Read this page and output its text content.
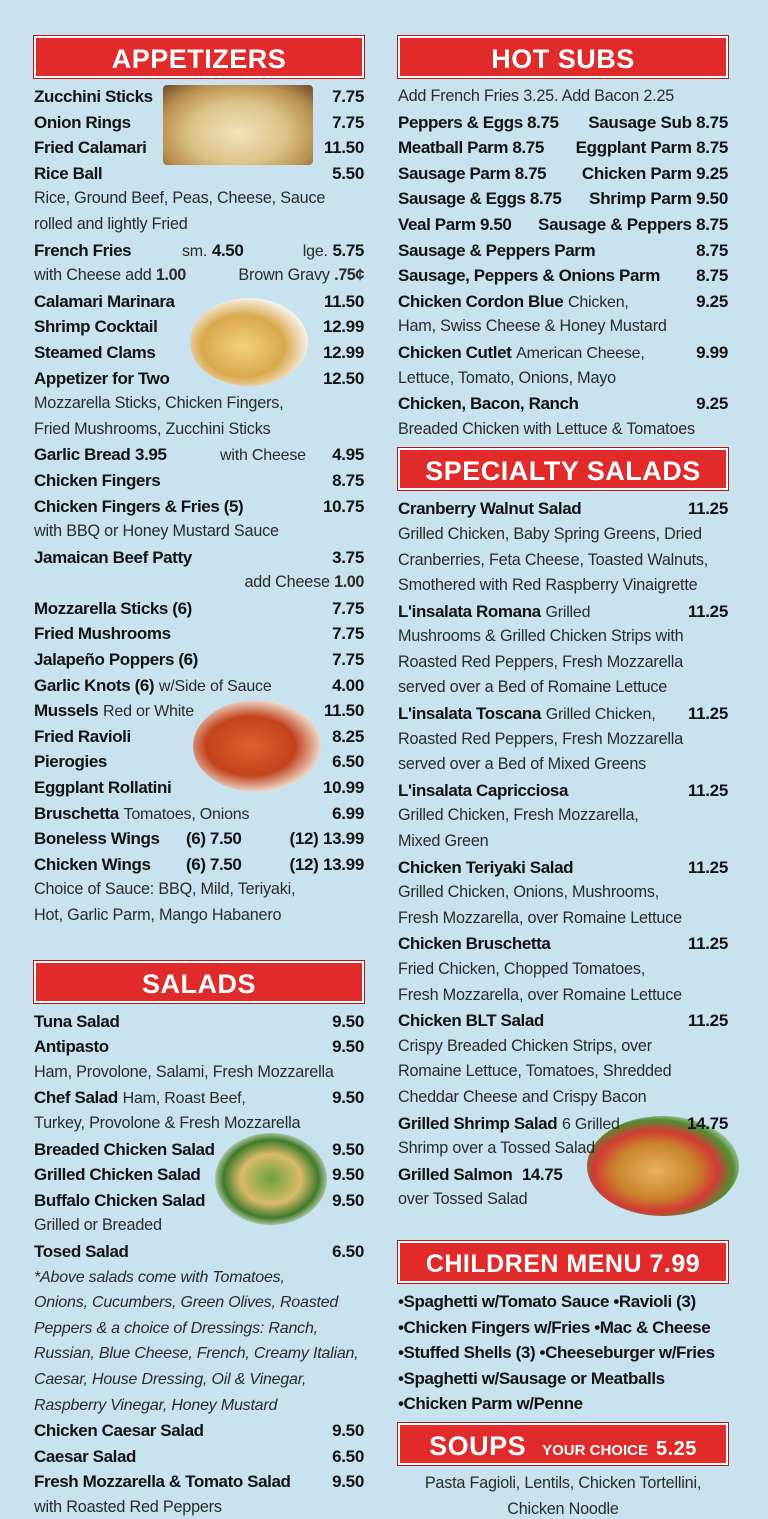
APPETIZERS
Zucchini Sticks	7.75
Onion Rings	7.75
Fried Calamari	11.50
Rice Ball	5.50
Rice, Ground Beef, Peas, Cheese, Sauce
rolled and lightly Fried
French Fries	sm. 4.50	lge. 5.75
with Cheese add 1.00	Brown Gravy .75¢
Calamari Marinara	11.50
Shrimp Cocktail	12.99
Steamed Clams	12.99
Appetizer for Two	12.50
Mozzarella Sticks, Chicken Fingers,
Fried Mushrooms, Zucchini Sticks
Garlic Bread 3.95	with Cheese 4.95
Chicken Fingers	8.75
Chicken Fingers & Fries (5)	10.75
with BBQ or Honey Mustard Sauce
Jamaican Beef Patty	3.75
add Cheese 1.00
Mozzarella Sticks (6)	7.75
Fried Mushrooms	7.75
Jalapeño Poppers (6)	7.75
Garlic Knots (6) w/Side of Sauce	4.00
Mussels Red or White	11.50
Fried Ravioli	8.25
Pierogies	6.50
Eggplant Rollatini	10.99
Bruschetta Tomatoes, Onions	6.99
Boneless Wings (6) 7.50	(12) 13.99
Chicken Wings (6) 7.50	(12) 13.99
Choice of Sauce: BBQ, Mild, Teriyaki,
Hot, Garlic Parm, Mango Habanero
SALADS
Tuna Salad	9.50
Antipasto	9.50
Ham, Provolone, Salami, Fresh Mozzarella
Chef Salad Ham, Roast Beef,	9.50
Turkey, Provolone & Fresh Mozzarella
Breaded Chicken Salad	9.50
Grilled Chicken Salad	9.50
Buffalo Chicken Salad	9.50
Grilled or Breaded
Tosed Salad	6.50
*Above salads come with Tomatoes,
Onions, Cucumbers, Green Olives, Roasted
Peppers & a choice of Dressings: Ranch,
Russian, Blue Cheese, French, Creamy Italian,
Caesar, House Dressing, Oil & Vinegar,
Raspberry Vinegar, Honey Mustard
Chicken Caesar Salad	9.50
Caesar Salad	6.50
Fresh Mozzarella & Tomato Salad 9.50
with Roasted Red Peppers
HOT SUBS
Add French Fries 3.25. Add Bacon 2.25
Peppers & Eggs 8.75 Sausage Sub 8.75
Meatball Parm 8.75 Eggplant Parm 8.75
Sausage Parm 8.75 Chicken Parm 9.25
Sausage & Eggs 8.75 Shrimp Parm 9.50
Veal Parm 9.50 Sausage & Peppers 8.75
Sausage & Peppers Parm	8.75
Sausage, Peppers & Onions Parm 8.75
Chicken Cordon Blue Chicken,	9.25
Ham, Swiss Cheese & Honey Mustard
Chicken Cutlet American Cheese,	9.99
Lettuce, Tomato, Onions, Mayo
Chicken, Bacon, Ranch	9.25
Breaded Chicken with Lettuce & Tomatoes
SPECIALTY SALADS
Cranberry Walnut Salad	11.25
Grilled Chicken, Baby Spring Greens, Dried
Cranberries, Feta Cheese, Toasted Walnuts,
Smothered with Red Raspberry Vinaigrette
L'insalata Romana Grilled	11.25
Mushrooms & Grilled Chicken Strips with
Roasted Red Peppers, Fresh Mozzarella
served over a Bed of Romaine Lettuce
L'insalata Toscana Grilled Chicken, 11.25
Roasted Red Peppers, Fresh Mozzarella
served over a Bed of Mixed Greens
L'insalata Capricciosa	11.25
Grilled Chicken, Fresh Mozzarella,
Mixed Green
Chicken Teriyaki Salad	11.25
Grilled Chicken, Onions, Mushrooms,
Fresh Mozzarella, over Romaine Lettuce
Chicken Bruschetta	11.25
Fried Chicken, Chopped Tomatoes,
Fresh Mozzarella, over Romaine Lettuce
Chicken BLT Salad	11.25
Crispy Breaded Chicken Strips, over
Romaine Lettuce, Tomatoes, Shredded
Cheddar Cheese and Crispy Bacon
Grilled Shrimp Salad 6 Grilled	14.75
Shrimp over a Tossed Salad
Grilled Salmon 14.75
over Tossed Salad
CHILDREN MENU 7.99
•Spaghetti w/Tomato Sauce •Ravioli (3)
•Chicken Fingers w/Fries •Mac & Cheese
•Stuffed Shells (3) •Cheeseburger w/Fries
•Spaghetti w/Sausage or Meatballs
•Chicken Parm w/Penne
SOUPS YOUR CHOICE 5.25
Pasta Fagioli, Lentils, Chicken Tortellini,
Chicken Noodle
